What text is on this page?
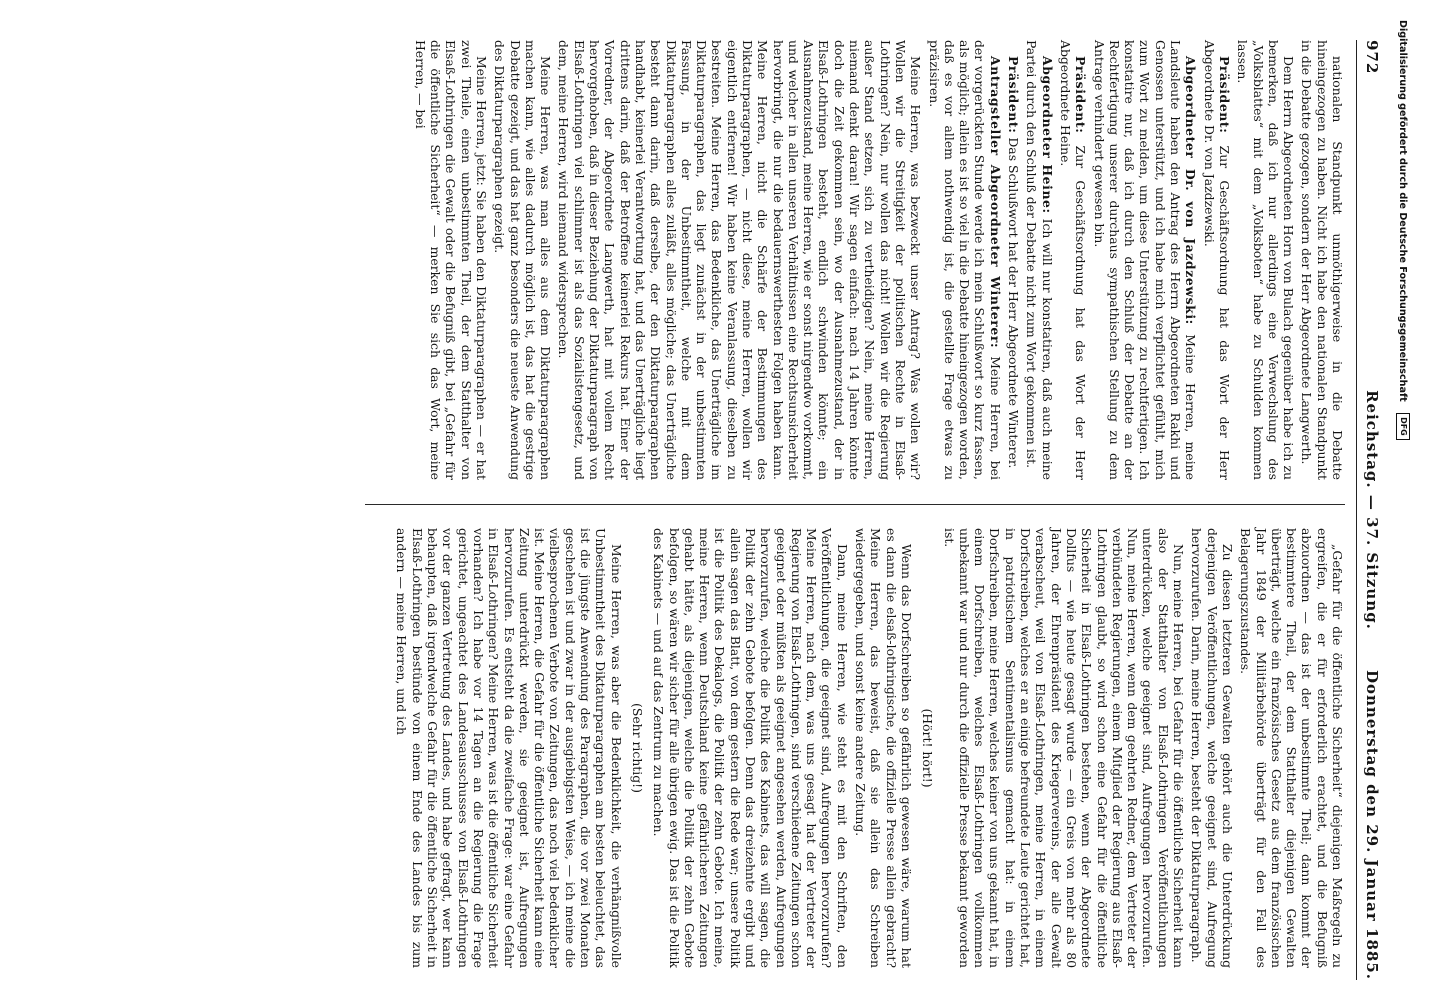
972
Reichstag. — 37. Sitzung.
Donnerstag den 29. Januar 1885.

nationalen Standpunkt unmöthigerweise in die Debatte hineingezogen zu haben. Nicht ich habe den nationalen Standpunkt in die Debatte gezogen, sondern der Herr Abgeordnete Langwerth.

Dem Herrn Abgeordneten Horn von Bulach gegenüber habe ich zu bemerken, daß ich nur allerdings eine Verwechslung des „Volksblattes“ mit dem „Volksboten“ habe zu Schulden kommen lassen.

Präsident: Zur Geschäftsordnung hat das Wort der Herr Abgeordnete Dr. von Jazdzewski.

Abgeordneter Dr. von Jazdzewski: Meine Herren, meine Landsleute haben den Antrag des Herrn Abgeordneten Rakhi und Genossen unterstützt, und ich habe mich verpflichtet gefühlt, mich zum Wort zu melden, um diese Unterstützung zu rechtfertigen. Ich konstatire nur, daß ich durch den Schluß der Debatte an der Rechtfertigung unserer durchaus sympathischen Stellung zu dem Antrage verhindert gewesen bin.

Präsident: Zur Geschäftsordnung hat das Wort der Herr Abgeordnete Heine.

Abgeordneter Heine: Ich will nur konstatiren, daß auch meine Partei durch den Schluß der Debatte nicht zum Wort gekommen ist.

Präsident: Das Schlußwort hat der Herr Abgeordnete Winterer.

Antragsteller Abgeordneter Winterer: Meine Herren, bei der vorgerückten Stunde werde ich mein Schlußwort so kurz fassen, als möglich; allein es ist so viel in die Debatte hineingezogen worden, daß es vor allem nothwendig ist, die gestellte Frage etwas zu präzisiren.

Meine Herren, was bezweckt unser Antrag? Was wollen wir? Wollen wir die Streitigkeit der politischen Rechte in Elsaß-Lothringen? Nein, nur wollen das nicht! Wollen wir die Regierung außer Stand setzen, sich zu vertheidigen? Nein, meine Herren, niemand denkt daran! Wir sagen einfach: nach 14 Jahren könnte doch die Zeit gekommen sein, wo der Ausnahmezustand, der in Elsaß-Lothringen besteht, endlich schwinden könnte; ein Ausnahmezustand, meine Herren, wie er sonst nirgendwo vorkommt, und welcher in allen unseren Verhältnissen eine Rechtsunsicherheit hervorbringt, die nur die bedauernswerthesten Folgen haben kann. Meine Herren, nicht die Schärfe der Bestimmungen des Diktaturparagraphen, — nicht diese, meine Herren, wollen wir eigentlich entfernen! Wir haben keine Veranlassung, dieselben zu bestreiten. Meine Herren, das Bedenkliche, das Unerträgliche im Diktaturparagraphen, das liegt zunächst in der unbestimmten Fassung, in der Unbestimmtheit, welche mit dem Diktaturparagraphen alles zuläßt, alles mögliche; das Unerträgliche besteht dann darin, daß derselbe, der den Diktaturparagraphen handhabt, keinerlei Verantwortung hat, und das Unerträgliche liegt drittens darin, daß der Betroffene keinerlei Rekurs hat. Einer der Vorredner, der Abgeordnete Langwerth, hat mit vollem Recht hervorgehoben, daß in dieser Beziehung der Diktaturparagraph von Elsaß-Lothringen viel schlimmer ist als das Sozialistengesetz, und dem, meine Herren, wird niemand widersprechen.

Meine Herren, was man alles aus dem Diktaturparagraphen machen kann, wie alles dadurch möglich ist, das hat die gestrige Debatte gezeigt, und das hat ganz besonders die neueste Anwendung des Diktaturparagraphen gezeigt.

Meine Herren, jetzt: Sie haben den Diktaturparagraphen — er hat zwei Theile, einen unbestimmten Theil, der dem Statthalter von Elsaß-Lothringen die Gewalt oder die Befugniß gibt, bei „Gefahr für die öffentliche Sicherheit“ — merken Sie sich das Wort, meine Herren, — bei

„Gefahr für die öffentliche Sicherheit“ diejenigen Maßregeln zu ergreifen, die er für erforderlich erachtet, und die Befugniß abzuordnen — das ist der unbestimmte Theil; dann kommt der bestimmtere Theil, der dem Statthalter diejenigen Gewalten überträgt, welche ein französisches Gesetz aus dem französischen Jahr 1849 der Militärbehörde überträgt für den Fall des Belagerungszustandes.

Zu diesen letzteren Gewalten gehört auch die Unterdrückung derjenigen Veröffentlichungen, welche geeignet sind, Aufregung hervorzurufen. Darin, meine Herren, besteht der Diktaturparagraph.

Nun, meine Herren, bei Gefahr für die öffentliche Sicherheit kann also der Statthalter von Elsaß-Lothringen Veröffentlichungen unterdrücken, welche geeignet sind, Aufregungen hervorzurufen. Nun, meine Herren, wenn dem geehrten Redner, dem Vertreter der verbündeten Regierungen, einem Mitglied der Regierung aus Elsaß-Lothringen glaubt, so wird schon eine Gefahr für die öffentliche Sicherheit in Elsaß-Lothringen bestehen, wenn der Abgeordnete Dollfus — wie heute gesagt wurde — ein Greis von mehr als 80 Jahren, der Ehrenpräsident des Kriegervereins, der alle Gewalt verabscheut, weil von Elsaß-Lothringen, meine Herren, in einem Dorfschreiben, welches er an einige befreundete Leute gerichtet hat, in patriotischem Sentimentalismus gemacht hat: in einem Dorfschreiben, meine Herren, welches keiner von uns gekannt hat, in einem Dorfschreiben, welches Elsaß-Lothringen vollkommen unbekannt war und nur durch die offizielle Presse bekannt geworden ist.

(Hört! hört!)

Wenn das Dorfschreiben so gefährlich gewesen wäre, warum hat es dann die elsaß-lothringische, die offizielle Presse allein gebracht? Meine Herren, das beweist, daß sie allein das Schreiben wiedergegeben, und sonst keine andere Zeitung.

Dann, meine Herren, wie steht es mit den Schriften, den Veröffentlichungen, die geeignet sind, Aufregungen hervorzurufen? Meine Herren, nach dem, was uns gesagt hat der Vertreter der Regierung von Elsaß-Lothringen, sind verschiedene Zeitungen schon geeignet oder müßten als geeignet angesehen werden, Aufregungen hervorzurufen, welche die Politik des Kabinets, das will sagen, die Politik der zehn Gebote befolgen. Denn das dreizehnte ergibt und allein sagen das Blatt, von dem gestern die Rede war; unsere Politik ist die Politik des Dekalogs, die Politik der zehn Gebote. Ich meine, meine Herren, wenn Deutschland keine gefährlicheren Zeitungen gehabt hätte, als diejenigen, welche die Politik der zehn Gebote befolgen, so wären wir sicher für alle übrigen ewig. Das ist die Politik des Kabinets — und auf das Zentrum zu machen.

(Sehr richtig!)

Meine Herren, was aber die Bedenklichkeit, die verhängnißvolle Unbestimmtheit des Diktaturparagraphen am besten beleuchtet, das ist die jüngste Anwendung des Paragraphen, die vor zwei Monaten geschehen ist und zwar in der ausgiebigsten Weise, — ich meine die vielbesprochenen Verbote von Zeitungen, das noch viel bedenklicher ist. Meine Herren, die Gefahr für die öffentliche Sicherheit kann eine Zeitung unterdrückt werden, sie geeignet ist, Aufregungen hervorzurufen. Es entsteht da die zweifache Frage: war eine Gefahr in Elsaß-Lothringen? Meine Herren, was ist die öffentliche Sicherheit vorhanden? Ich habe vor 14 Tagen an die Regierung die Frage gerichtet, ungeachtet des Landesausschusses von Elsaß-Lothringen vor der ganzen Vertretung des Landes, und habe gefragt, wer kann behaupten, daß irgendwelche Gefahr für die öffentliche Sicherheit in Elsaß-Lothringen bestünde von einem Ende des Landes bis zum andern — meine Herren, und ich

Digitalisierung gefördert durch die Deutsche Forschungsgemeinschaft DFG
